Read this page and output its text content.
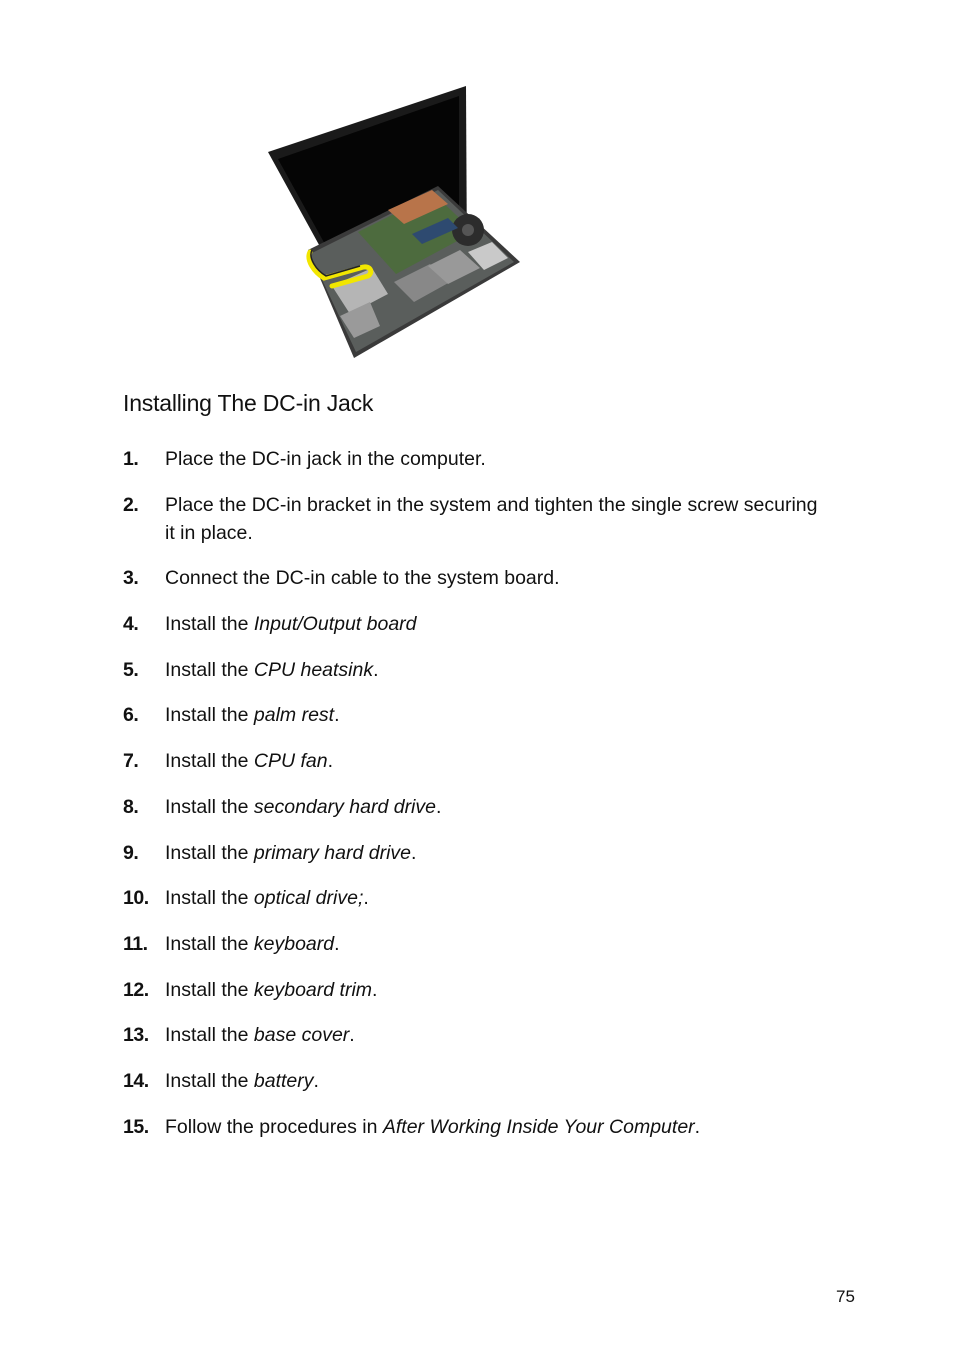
Installing The DC-in Jack
1. Place the DC-in jack in the computer.
2. Place the DC-in bracket in the system and tighten the single screw securing it in place.
3. Connect the DC-in cable to the system board.
4. Install the Input/Output board
5. Install the CPU heatsink.
6. Install the palm rest.
7. Install the CPU fan.
8. Install the secondary hard drive.
9. Install the primary hard drive.
10. Install the optical drive;.
11. Install the keyboard.
12. Install the keyboard trim.
13. Install the base cover.
14. Install the battery.
15. Follow the procedures in After Working Inside Your Computer.
75
